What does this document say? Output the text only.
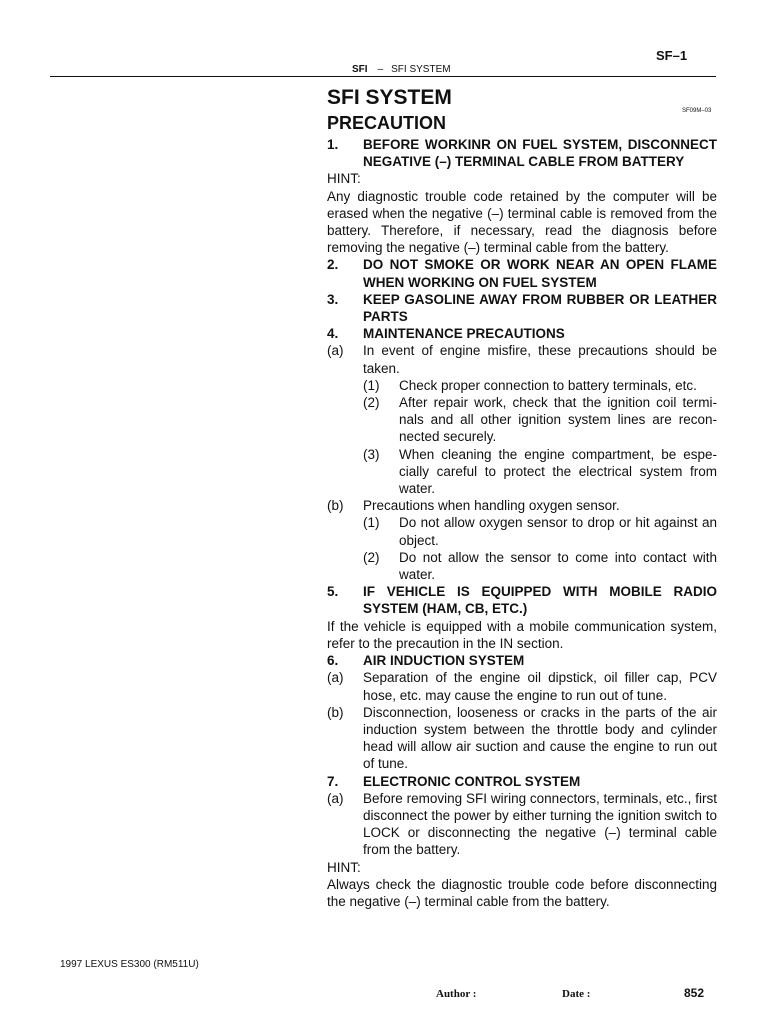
SF–1
SFI – SFI SYSTEM
SF09M–03
SFI SYSTEM
PRECAUTION
1.	BEFORE WORKINR ON FUEL SYSTEM, DISCONNECT NEGATIVE (–) TERMINAL CABLE FROM BATTERY
HINT:
Any diagnostic trouble code retained by the computer will be erased when the negative (–) terminal cable is removed from the battery. Therefore, if necessary, read the diagnosis before removing the negative (–) terminal cable from the battery.
2.	DO NOT SMOKE OR WORK NEAR AN OPEN FLAME WHEN WORKING ON FUEL SYSTEM
3.	KEEP GASOLINE AWAY FROM RUBBER OR LEATHER PARTS
4.	MAINTENANCE PRECAUTIONS
(a)	In event of engine misfire, these precautions should be taken.
(1)	Check proper connection to battery terminals, etc.
(2)	After repair work, check that the ignition coil termi-nals and all other ignition system lines are recon-nected securely.
(3)	When cleaning the engine compartment, be espe-cially careful to protect the electrical system from water.
(b)	Precautions when handling oxygen sensor.
(1)	Do not allow oxygen sensor to drop or hit against an object.
(2)	Do not allow the sensor to come into contact with water.
5.	IF VEHICLE IS EQUIPPED WITH MOBILE RADIO SYSTEM (HAM, CB, ETC.)
If the vehicle is equipped with a mobile communication system, refer to the precaution in the IN section.
6.	AIR INDUCTION SYSTEM
(a)	Separation of the engine oil dipstick, oil filler cap, PCV hose, etc. may cause the engine to run out of tune.
(b)	Disconnection, looseness or cracks in the parts of the air induction system between the throttle body and cylinder head will allow air suction and cause the engine to run out of tune.
7.	ELECTRONIC CONTROL SYSTEM
(a)	Before removing SFI wiring connectors, terminals, etc., first disconnect the power by either turning the ignition switch to LOCK or disconnecting the negative (–) terminal cable from the battery.
HINT:
Always check the diagnostic trouble code before disconnecting the negative (–) terminal cable from the battery.
1997 LEXUS ES300 (RM511U)
Author :	Date :	852
